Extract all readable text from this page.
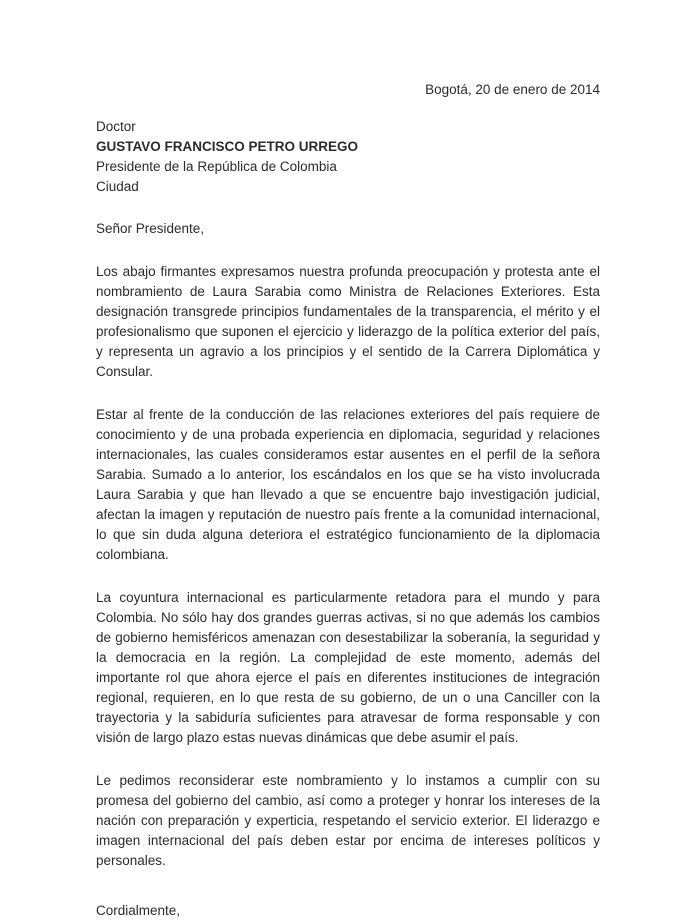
Bogotá, 20 de enero de 2014
Doctor
GUSTAVO FRANCISCO PETRO URREGO
Presidente de la República de Colombia
Ciudad
Señor Presidente,

Los abajo firmantes expresamos nuestra profunda preocupación y protesta ante el nombramiento de Laura Sarabia como Ministra de Relaciones Exteriores. Esta designación transgrede principios fundamentales de la transparencia, el mérito y el profesionalismo que suponen el ejercicio y liderazgo de la política exterior del país, y representa un agravio a los principios y el sentido de la Carrera Diplomática y Consular.

Estar al frente de la conducción de las relaciones exteriores del país requiere de conocimiento y de una probada experiencia en diplomacia, seguridad y relaciones internacionales, las cuales consideramos estar ausentes en el perfil de la señora Sarabia. Sumado a lo anterior, los escándalos en los que se ha visto involucrada Laura Sarabia y que han llevado a que se encuentre bajo investigación judicial, afectan la imagen y reputación de nuestro país frente a la comunidad internacional, lo que sin duda alguna deteriora el estratégico funcionamiento de la diplomacia colombiana.

La coyuntura internacional es particularmente retadora para el mundo y para Colombia. No sólo hay dos grandes guerras activas, si no que además los cambios de gobierno hemisféricos amenazan con desestabilizar la soberanía, la seguridad y la democracia en la región. La complejidad de este momento, además del importante rol que ahora ejerce el país en diferentes instituciones de integración regional, requieren, en lo que resta de su gobierno, de un o una Canciller con la trayectoria y la sabiduría suficientes para atravesar de forma responsable y con visión de largo plazo estas nuevas dinámicas que debe asumir el país.

Le pedimos reconsiderar este nombramiento y lo instamos a cumplir con su promesa del gobierno del cambio, así como a proteger y honrar los intereses de la nación con preparación y experticia, respetando el servicio exterior. El liderazgo e imagen internacional del país deben estar por encima de intereses políticos y personales.

Cordialmente,
